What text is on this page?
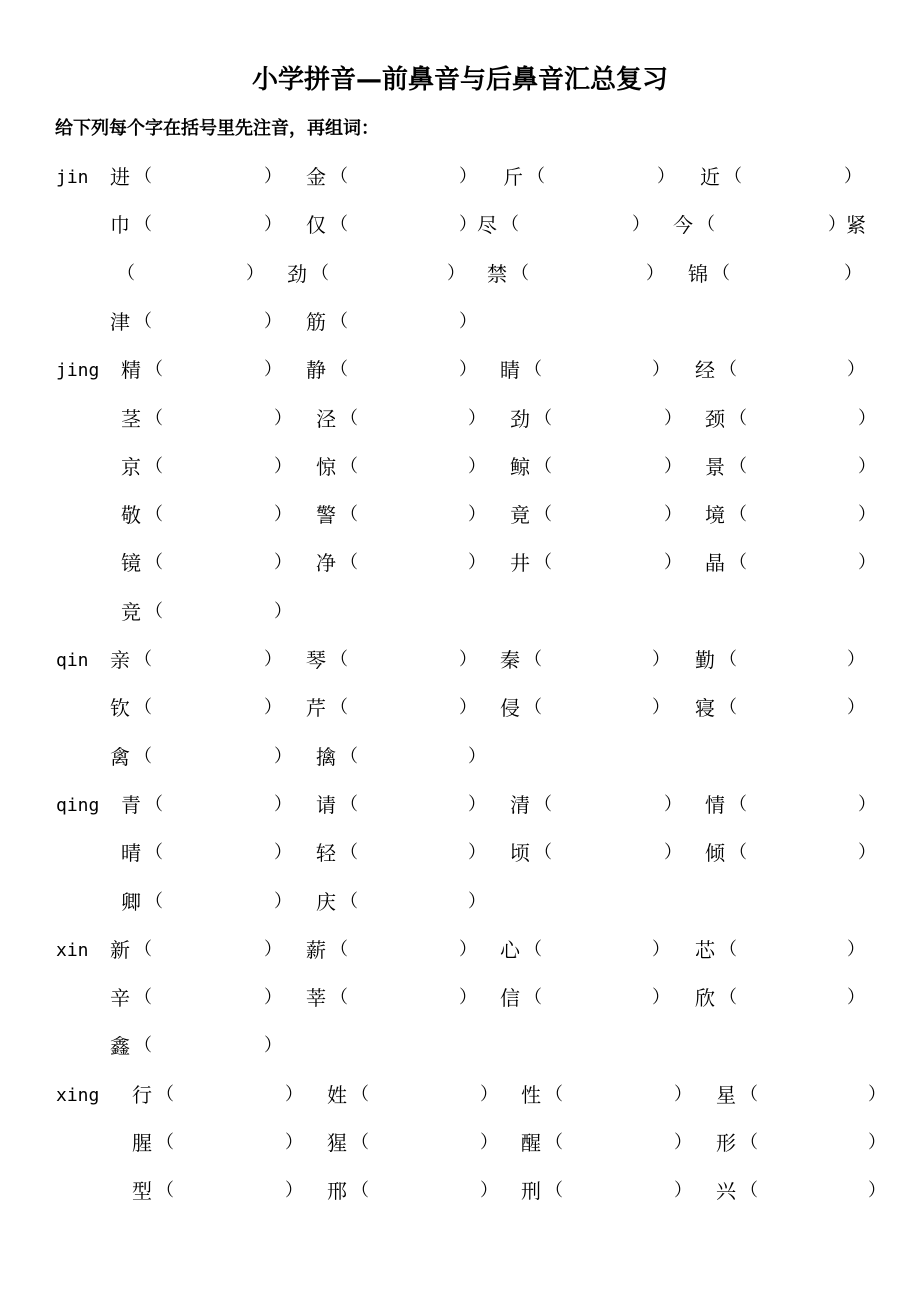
小学拼音—前鼻音与后鼻音汇总复习
给下列每个字在括号里先注音，再组词：
jin 进 （	） 金 （	） 斤 （	） 近 （	）
巾 （	） 仅 （	） 尽 （	） 今 （	） 紧
（	） 劲 （	） 禁 （	） 锦 （	）
津 （	） 筋 （	）
jing 精 （	） 静 （	） 睛 （	） 经 （	）
茎 （	） 泾 （	） 劲 （	） 颈 （	）
京 （	） 惊 （	） 鲸 （	） 景 （	）
敬 （	） 警 （	） 竟 （	） 境 （	）
镜 （	） 净 （	） 井 （	） 晶 （	）
竞 （	）
qin 亲 （	） 琴 （	） 秦 （	） 勤 （	）
钦 （	） 芹 （	） 侵 （	） 寝 （	）
禽 （	） 擒 （	）
qing 青 （	） 请 （	） 清 （	） 情 （	）
晴 （	） 轻 （	） 顷 （	） 倾 （	）
卿 （	） 庆 （	）
xin 新 （	） 薪 （	） 心 （	） 芯 （	）
辛 （	） 莘 （	） 信 （	） 欣 （	）
鑫 （	）
xing 行 （	） 姓 （	） 性 （	） 星 （	）
腥 （	） 猩 （	） 醒 （	） 形 （	）
型 （	） 邢 （	） 刑 （	） 兴 （	）
